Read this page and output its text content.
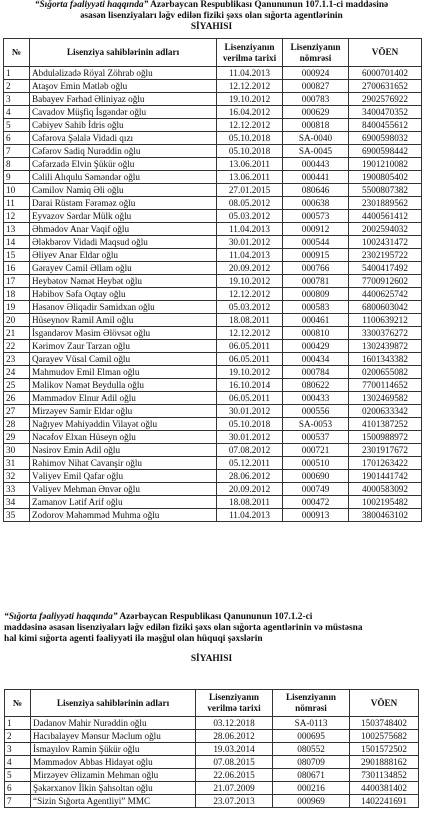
“Sığorta fəaliyyəti haqqında” Azərbaycan Respublikası Qanununun 107.1.1-ci maddəsinə
əsasən lisenziyaları ləğv edilən fiziki şəxs olan sığorta agentlərinin
SİYAHISI
№	Lisenziya sahiblərinin adları	Lisenziyanın verilmə tarixi	Lisenziyanın nömrəsi	VÖEN
1	Abduləlizadə Röyal Zöhrab oğlu	11.04.2013	000924	6000701402
2	Ataşov Emin Mətləb oğlu	12.12.2012	000827	2700631652
3	Babayev Fərhad Əliniyaz oğlu	19.10.2012	000783	2902576922
4	Cavadov Müşfiq İsgəndər oğlu	16.04.2012	000629	3400470352
5	Cəbiyev Sahib İdris oğlu	12.12.2012	000818	8400455612
6	Cəfərova Şəlalə Vidadi qızı	05.10.2018	SA-0040	6900598032
7	Cəfərov Sadiq Nurəddin oğlu	05.10.2018	SA-0045	6900598442
8	Cəfərzadə Elvin Şükür oğlu	13.06.2011	000443	1901210082
9	Cəlili Alıqulu Səməndər oğlu	13.06.2011	000441	1900805402
10	Cəmilov Namiq Əli oğlu	27.01.2015	080646	5500807382
11	Darai Rüstəm Fərəməz oğlu	08.05.2012	000638	2301889562
12	Eyvazov Sərdar Mülk oğlu	05.03.2012	000573	4400561412
13	Əhmədov Anar Vaqif oğlu	11.04.2013	000912	2002594032
14	Ələkbərov Vidadi Maqsud oğlu	30.01.2012	000544	1002431472
15	Əliyev Anar Eldar oğlu	11.04.2013	000915	2302195722
16	Gərayev Cəmil Əllam oğlu	20.09.2012	000766	5400417492
17	Heybətov Nəmət Heybət oğlu	19.10.2012	000781	7700912602
18	Həbibov Səfa Oqtay oğlu	12.12.2012	000809	4400625742
19	Həsənov Əliqadir Səmidxan oğlu	05.03.2012	000583	6800603042
20	Hüseynov Ramil Amil oğlu	18.08.2011	000461	1100639212
21	İsgəndərov Məsim Əlövsət oğlu	12.12.2012	000810	3300376272
22	Kərimov Zaur Tarzan oğlu	06.05.2011	000429	1302439872
23	Qarayev Vüsal Cəmil oğlu	06.05.2011	000434	1601343382
24	Mahmudov Emil Elman oğlu	19.10.2012	000784	0200655082
25	Məlikov Nəmət Beydulla oğlu	16.10.2014	080622	7700114652
26	Məmmədov Elnur Adil oğlu	06.05.2011	000433	1302469582
27	Mirzəyev Samir Eldar oğlu	30.01.2012	000556	0200633342
28	Nağıyev Məhiyəddin Vilayət oğlu	05.10.2018	SA-0053	4101387252
29	Nəcəfov Elxan Hüseyn oğlu	30.01.2012	000537	1500988972
30	Nəsirov Emin Adil oğlu	07.08.2012	000721	2301917672
31	Rəhimov Nihat Cavanşir oğlu	05.12.2011	000510	1701263422
32	Vəliyev Emil Qafar oğlu	28.06.2012	000690	1901441742
33	Vəliyev Mehman Ənvər oğlu	20.09.2012	000749	4000583092
34	Zamanov Lətif Arif oğlu	18.08.2011	000472	1002195482
35	Zodorov Məhəmməd Muhma oğlu	11.04.2013	000913	3800463102
“Sığorta fəaliyyəti haqqında” Azərbaycan Respublikası Qanununun 107.1.2-ci
maddəsinə əsasən lisenziyaları ləğv edilən fiziki şəxs olan sığorta agentlərinin və müstəsna
hal kimi sığorta agenti fəaliyyəti ilə məşğul olan hüquqi şəxslərin
SİYAHISI
№	Lisenziya sahiblərinin adları	Lisenziyanın verilmə tarixi	Lisenziyanın nömrəsi	VÖEN
1	Dadanov Mahir Nurəddin oğlu	03.12.2018	SA-0113	1503748402
2	Hacıbalayev Mənsur Məclum oğlu	28.06.2012	000695	1002575682
3	İsmayılov Ramin Şükür oğlu	19.03.2014	080552	1501572502
4	Məmmədov Abbas Hidayət oğlu	07.08.2015	080709	2901888162
5	Mirzəyev Əlizamin Mehman oğlu	22.06.2015	080671	7301134852
6	Şəkərxanov İlkin Şahsoltan oğlu	21.07.2009	000216	4400381402
7	“Sizin Sığorta Agentliyi” MMC	23.07.2013	000969	1402241691
